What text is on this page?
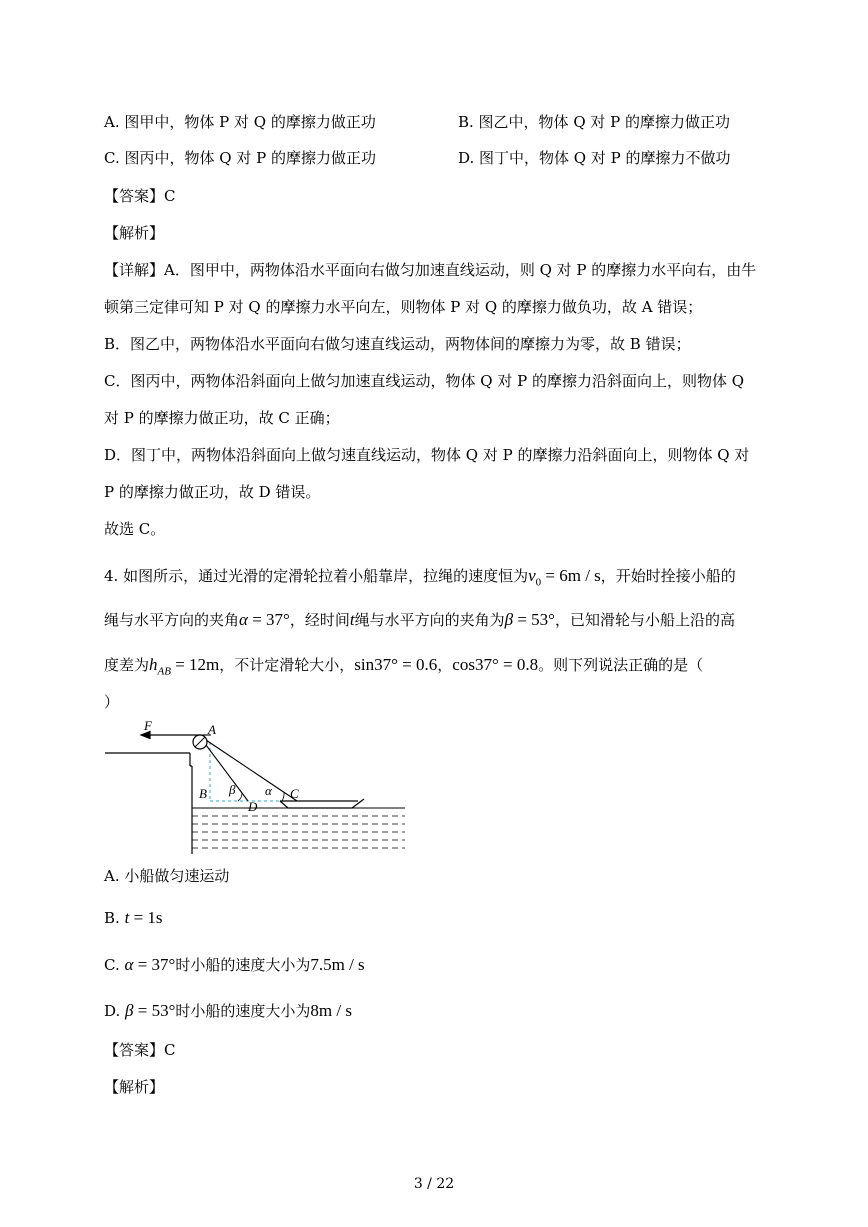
A. 图甲中，物体 P 对 Q 的摩擦力做正功	B. 图乙中，物体 Q 对 P 的摩擦力做正功
C. 图丙中，物体 Q 对 P 的摩擦力做正功	D. 图丁中，物体 Q 对 P 的摩擦力不做功
【答案】C
【解析】
【详解】A．图甲中，两物体沿水平面向右做匀加速直线运动，则 Q 对 P 的摩擦力水平向右，由牛
顿第三定律可知 P 对 Q 的摩擦力水平向左，则物体 P 对 Q 的摩擦力做负功，故 A 错误；
B．图乙中，两物体沿水平面向右做匀速直线运动，两物体间的摩擦力为零，故 B 错误；
C．图丙中，两物体沿斜面向上做匀加速直线运动，物体 Q 对 P 的摩擦力沿斜面向上，则物体 Q
对 P 的摩擦力做正功，故 C 正确；
D．图丁中，两物体沿斜面向上做匀速直线运动，物体 Q 对 P 的摩擦力沿斜面向上，则物体 Q 对
P 的摩擦力做正功，故 D 错误。
故选 C。
4. 如图所示，通过光滑的定滑轮拉着小船靠岸，拉绳的速度恒为$v_0 = 6m / s$，开始时拴接小船的
绳与水平方向的夹角α = 37°，经时间t绳与水平方向的夹角为β = 53°，已知滑轮与小船上沿的高
度差为$h_{AB} = 12m$，不计定滑轮大小，sin37° = 0.6，cos37° = 0.8。则下列说法正确的是（
）
F	A
B	C
D
β α
A. 小船做匀速运动
B. t = 1s
C. α = 37°时小船的速度大小为7.5m / s
D. β = 53°时小船的速度大小为8m / s
【答案】C
【解析】
3 / 22
